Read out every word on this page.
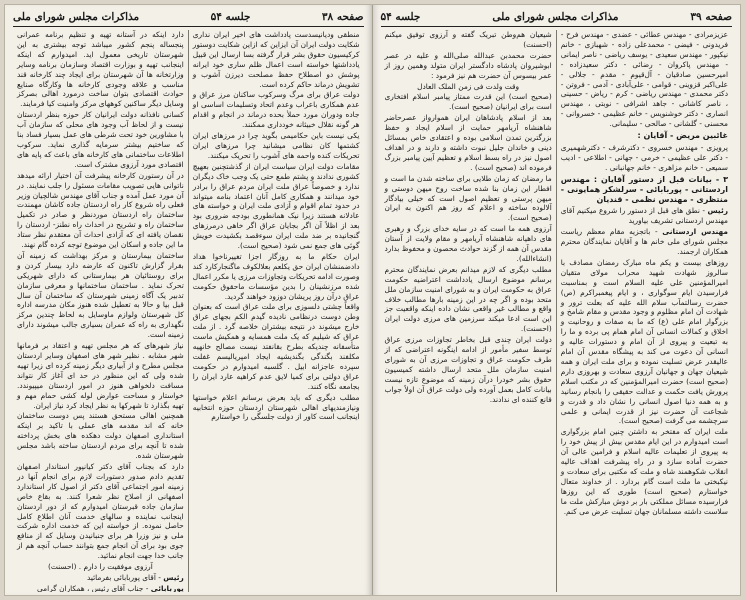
صفحه ۳۸
جلسه ۵۴
مذاکرات مجلس شورای ملی

منطقی ودیانیسدست پادداشت های اخیر ایران نداری شکایت دولت ایران آن ایزاین که ازاین شکایت دوستور کرکیسیون حقوق بشر قرار گرفته بسا ارسال این قبیل یادداشتها خواسته است اعمال ظلم ساری خود ایرانه پوشش دو اصطلاح حفظ مصلحت دیرزن آشوب و تشویش درماند حاکم کرده است.

دولت عراق برای مرگ وسرکوب ساکنان مرز عراق و عدم همکاری باعراب وعدم اتحاد وتسلیمات اساسی او جاده ودوران مورد حملأ بحده درماند در انجام و اقدام هر گونه نقلال خبیثانه خودداری ممکنند.

یکی نیست باین حکامیمی بگوید چرا در مرزهای ایران کشتمها کان نظامی میشانید چرا مرزهای ایران تحریکات کنده واحمه های آشوب را تحریک میکنند.

مقامات دولت ایران سیاست ایران از گذشتچنین بعهیچ کشوری ندادند و پشتم طمع حتی یک وجب خاک دیگران ندارد و خصوصاً عراق ملت ایران مردم عراق را برادر خود میدانند و همکاری کامل آنان اعتماد بنامه میتواند در حدود تمام اقوام و آزادی ملت ایران و خواسته های عادلانه هستند زیرا نیک همانطوری بودجه ضروری بود بعد از اظلاً آن اگر بجایان عراق اگر خاهی درمرزهای گنجانیده بر ضد ملت ایران سوءقصد بکشیدت خویش گوئی های جمع نمی شود (صحیح است).

ایران حکام ما به روزگار اجزا تغییرناخوا هداد دادضمنشان ایران حق یکلعم بعلالکوف ماگنجارکارد کند وصورت ادامه تحریکات وتجاوزات مرزی یا مکرر اعمال شده مرزنشینان را بدین مؤسسات ماحقوق حکومت عراق درآن روز پریشان دوزود خواهند گردید.

واقعاً چشتی دلسوزی برای ملت عراق است که بعنوان وطن دوست درنظامی نادیده گیدم الکم بجهای عراق خارج میشوند در نتیجه بیشتران خلاصه گرد . از ملت عراق که شیلیم که یک ملت همسایه و همکیش ماست متأسفانه چندیکه بطرح بقانفتد نیست مصالح خانهیه مکلفند بگندگی بگندیشیه ایجاد امپریالیسم غفلت سپرده عاجزانه ابیل . گلسبه امیدوارم در حکومت عراق دولتی برای کمیا لایق عدم کراهیه عارد ایران را بجامعه نگاه کنند.

مطلب دیگری که باید بعرض برسانم اعلام خواستها ونیازمندیهای اهالی شهرستان اردستان حوزه انتخابیه اینجانب است کاور از دولت جلسگی را خواستارم

دارد اینکه در آستانه تهیه و تنظیم برنامه عمرانی پنجساله پنجم کشور میباشد توجه بیشتری به این شهرستان تاریخی معمول اید. امیدوارم که اینکه اینجانب تهیه و بوزارت اقتصاد وسازمان برنامه وسایر وزارتخانه ها آن شهرستان برای ایجاد چند کارخانه قند مناسب و علاقه وجودی کارخانه ها وکارگاه صنایع حوادث اقتصادی بتوان ساخت درمورد اهالی بصرکز وسایل دیگر ساکنین کوههای مرکز وامنیت کیا فرمایند.

کسانی نافذانه دولت ایرانیان کار حوزه بنظر اردستان نیست و از لحاظ آب وجود های محلی که سازمان آب با مشاورین خود تحت شرطی های عمل بسیار فساد بنا که ساختیم بیشتر سرمایه گذاری نماید. سرکوب اطلاعات ساختمانی های کارخانه های باعث که پایه های اقتصادی مورد آرزوی مشترک است.

در آن رستورن کارخانه پیشرفت آن اختیار ارائه میدهد ناتوانی هایی تصویب مقامات مسئول را جلب نمایند. در آن مورد عمل آمده و جناب آقای مهندس شالچیان وزیر فعلی راه شروع کار راه اردستان جاده کاشان مهمندت ساختمان راه اردستان موردنظر و صادر در تکمیل ساختمان راه و تشریح در احداث راه نطنز- اردستان را نقصان یافته ای که آزادی احداث آن معتقدم نظر ستاد ما این جاده و اسکان این موضوع توجه کرده گام نهند.

ساختمان بیمارستان و مرکز بهداشت که زمینه آن بقرار گزارش تاکنون که عارضه دارد بیسار کردن و برای روستائیان هر بیمارستانی که دارای شهریکی تحرک نماید . ساختمان ساختمانها و معرفی سازمان تدبیر یک آگاه زمینی شهرستان که ساختمان آن سال قبل بیا و حالا به تعطیل شده هنوز مکان مدرسه اداره کل شهرستان ولوازم ماوسایل به لحاظ چندین مرکز نگهداری به راه که عمران بسیاری جالب میشوند دارای زمینه است.

نیاز شهرهای که هر مجلس تهیه و اعتقاد بر فرمانها شهر مشابه . نظیر شهر های اصفهان وسایر اردستان مجلس مطرح و از آبیاری دیگر زمینه کرده ای زیرا تهیه شده ولی که این منظور در حد ای آغاز کار نتواند مسافت دلخواهی هنوز در امور اردستان میپیوندد. خواستار و مساحت عوارض لوله کشی حمام مهم و تهیه بگذارد تا شهرکها به نظر ایجاد کرد نیاز ایران.

همچنین اهالی مستحق هستند پس دوست ساختمان خانه که اند مقدمه های عملی با تاکید بر اینکه استانداری اصفهان دولت دهکده های بخش پرداخته شده تا آنچه برای مردم اردستان ساخته باشد مجلس شهرستان شده.

دارد که بجناب آقای دکتر کیانپور استاندار اصفهان تقدیم دادم صدور دستورات لازم برای انجام آنها در زمینه امور اجتماعی آقای دکتر از اصول کار استاندارد اصفهانی از اصلاح نظر شعرا کنند. به بقاع خاص سازمان جاده قبرستان امیدوارم که از دور اردستان اینجانب نماینده و سالهای خدمت آنان اطلاع کامل حاصل نموده. از خواسته این که خدمت اداره شرکت ملی و نیز وزرا هر برای جنبانیدن وسایل که از منافع جوی بود برای آن انجام جمع بتوانند حساب آنچه هم از جانب خدا جهت انجام نمائید.

آرزوی موفقیت را دارم . (احسنت)

رئیس - آقای پوربابائی بفرمائید

پوربابائی - جناب آقای رئیس ، همکاران گرامی

صفحه ۳۹
مذاکرات مجلس شورای ملی
جلسه ۵۴

عزیزمرادی - مهندس عطائی - عضدی - مهندس فرح - فریدونی - فیضی - محمدعلی زاده - شهبازی - خانم نیکپور - مهندس سعیدی - یوسف ریاضی - ناصر ایمانی - مهندس پاکروان - رضائی - دکتر سعیدزاده - امیرحسین صادقیان - آل‌قیوم - مقدم - جلالی - علی‌اکبر قزوینی - قوامی - علی‌آبادی - آدمی - فروتن - دکتر محمدی - مهندس ریاضی - کرم - ریاض - حسینی ، ناصر کاشانی - جاهد اشرافی - نوبتی ، مهندس انصاری - دکتر خوشنویس - خانم عظیمی - خسروانی - محسنی - گلشانی - صالحی - سلیمانی.

غائبین مریض - آقایان :

پرویزی - مهندس خسروی - دکترشرف - دکترشهمیری - دکتر علی عظیمی - خرمی - جهانی - اطلاعی - ادیب سمیعی - خانم مزاهری - خانم جهانبانی .

۳ - بیانات قبل از دستور آقایان : مهندس اردستانی - پوربابائی - سرلشکر همایونی - منتظری - مهندس نظمی - قندیان

رئیس - نطق های قبل از دستور را شروع میکنیم آقای مهندس اردستانی تشریف بیاورید

مهندس اردستانی - باتجزیه مقام معظم ریاست مجلس شورای ملی خانم ها و آقایان نمایندگان محترم همکاران ارجمند.

روزهای بیست و یکم ماه مبارک رمضان مصادف با سالروز شهادت شهید محراب مولای متقیان امیرالمؤمنین علی علیه السلام است و بمناسبت فرارسیدن ایام سوگواری ، و ایام پیغمبراکرم (ص) حضرت رسالتمآب سلام الله علیه که بعلت ترور و شهادت آن امام مظلوم و وجود مقدس و مقام شامخ و بزرگوار امام علی (ع) که ما به صفات و روحانیت و اخلاق و کمالات انسانی آن امام همام پی برده و ما را به تبعیت و پیروی از آن امام و دستورات عالیه و انسانی آن دعوت می کند به پیشگاه مقدس آن امام عالیقدر عرض تسلیت نموده و برای ملت ایران و همه شیعیان جهان و جهانیان آرزوی سعادت و بهروزی دارم (صحیح است) حضرت امیرالمؤمنین که در مکتب اسلام پرورش یافت حکمت و عدالت حقیقی را بانجام رسانید و به همه دنیا اصول انسانی را نشان داد و قدرت و شجاعت آن حضرت نیز از قدرت ایمانی و علمی سرچشمه می گرفت (صحیح است).

ملت ایران که مفتخر به داشتن چنین امام بزرگواری است امیدوارم در این ایام مقدس بیش از پیش خود را به پیروی از تعلیمات عالیه اسلام و فرامین عالی آن حضرت آماده سازد و در راه پیشرفت اهداف عالیه انقلاب شکوهمند شاه و ملت که مکتبی برای سعادت و نیکبختی ما ملت است گام بردارد . از خداوند متعال خواستارم (صحیح است) طوری که این روزها فرارسیده مسائل مملکتی بار بر دوش مبارکش ملت ما سلاست داشته مسلمانان جهان تسلیت عرض می کنم.

شیعیان هم‌وطن تبریک گفته و آرزوی توفیق میکنم (احسنت)

حضرت محمدبن عبدالله صلی‌الله و علیه در عصر ابوشیروان پادشاه دادگستر ایران متولد وهمین روز از عمر بیسوس آن حضرت هم نیز فرمود :

وقت ولدت فی زمن الملک العادل

(صحیح است) این قدرت ممتاز پیامبر اسلام افتخاری است برای ایرانیان (صحیح است).

بعد از اسلام پادشاهان ایران هموارواز عصرحاضر شاهنشاه آریامهر حمایت از اسلام ایجاد و حفظ بزرگترین تمدن اسلامی بوده و اعتقادی خاص بمسائل دینی و خاندان جلیل نبوت داشته و دارند و در اهداف اصول نیز در راه بسط اسلام و تعظیم آیین پیامبر بزرگ فرموده اند (صحیح است) .

ما رمضان که زمان طلایی برای ساخته شدن ما است و افطار این زمان بنا شده ساخت روح میهن دوستی و میهن پرستی و تعظیم اصول است که خیلی بیادگار آلالوده ساخته و اعلام که روز هم اکنون به ایران (صحیح است).

آرزوی همه ما است که در سایه خدای بزرگ و رهبری های داهیانه شاهنشاه آریامهر و مقام ولایت از آستان مقدس آن همه از گزند حوادث محصون و محفوظ بدارد (انشاءالله).

مطلب دیگری که لازم میدانم بعرض نمایندگان محترم برسانم موضوع ارسال یادداشت اعتراضیه حکومت عراق به حکومت ایران و به شورای امنیت سازمان ملل متحد بوده و اگر چه در این زمینه بارها مطالب خلاف واقع و مطالب غیر واقعی نشان داده اینکه واقعیت جز این است ادعا میکند سرزمین های مرزی دولت ایران (احسنت).

دولت ایران چندی قبل بخاطر تجاوزات مرزی عراق توسط سفیر مأمور از ادامه اینگونه اعتراضی که از طرف حکومت عراق و تجاوزات مرزی آن به شورای امنیت سازمان ملل متحد ارسال داشته کمیسیون حقوق بشر خودرا درآن زمینه که موضوع تازه نیست بیانات کامل بعمل آورده ولی دولت عراق آن اولاً جواب قانع کننده ای ندادند.
